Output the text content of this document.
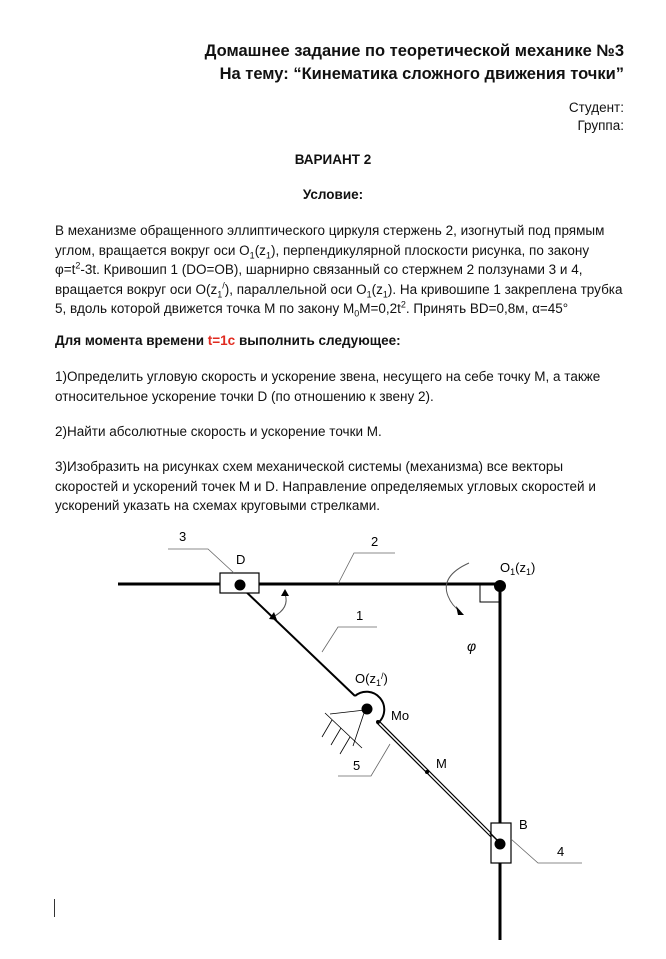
Домашнее задание по теоретической механике №3
На тему: “Кинематика сложного движения точки”
Студент:
Группа:
ВАРИАНТ 2
Условие:
В механизме обращенного эллиптического циркуля стержень 2, изогнутый под прямым
углом, вращается вокруг оси $O_1(z_1)$, перпендикулярной плоскости рисунка, по закону
$\varphi=t^2-3t$. Кривошип 1 (DO=OB), шарнирно связанный со стержнем 2 ползунами 3 и 4,
вращается вокруг оси $O(z_1^/)$, параллельной оси $O_1(z_1)$. На кривошипе 1 закреплена трубка
5, вдоль которой движется точка M по закону $M_0M=0,2t^2$. Принять BD=0,8м, α=45°
Для момента времени t=1c выполнить следующее:
1)Определить угловую скорость и ускорение звена, несущего на себе точку M, а также
относительное ускорение точки D (по отношению к звену 2).
2)Найти абсолютные скорость и ускорение точки M.
3)Изобразить на рисунках схем механической системы (механизма) все векторы
скоростей и ускорений точек M и D. Направление определяемых угловых скоростей и
ускорений указать на схемах круговыми стрелками.
3	2
1
5
4
D
B
M
Mo
φ
$O_1(z_1)$
$O(z_1^/)$
